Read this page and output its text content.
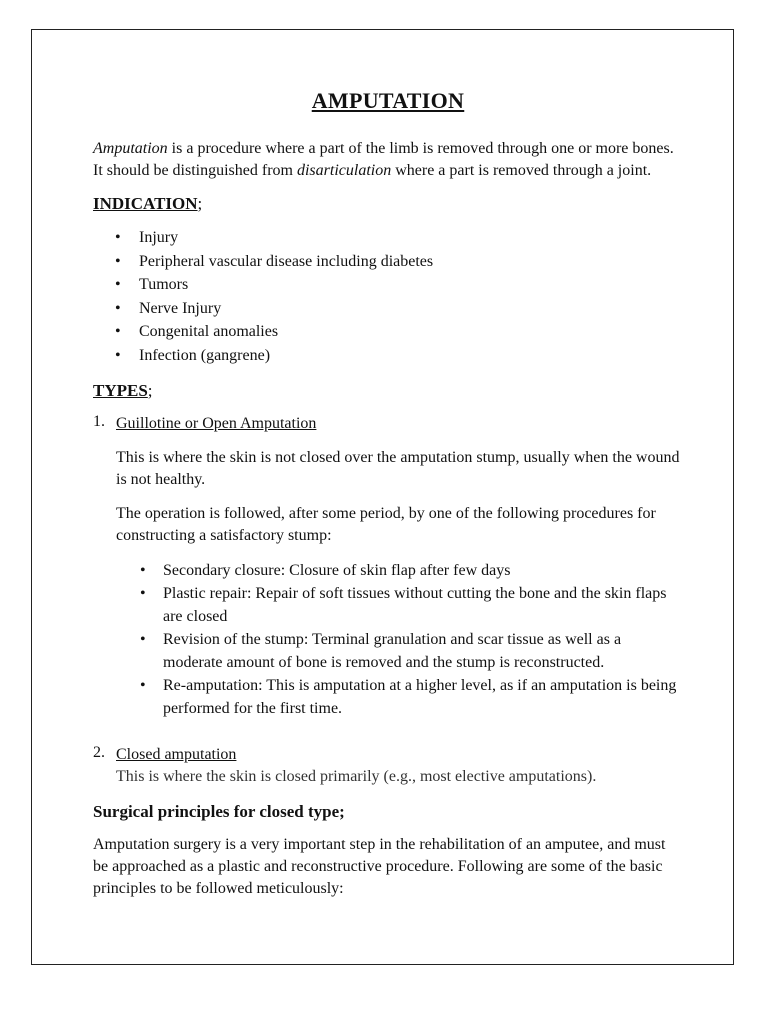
AMPUTATION

Amputation is a procedure where a part of the limb is removed through one or more bones. It should be distinguished from disarticulation where a part is removed through a joint.

INDICATION;
• Injury
• Peripheral vascular disease including diabetes
• Tumors
• Nerve Injury
• Congenital anomalies
• Infection (gangrene)
TYPES;
1. Guillotine or Open Amputation

This is where the skin is not closed over the amputation stump, usually when the wound is not healthy.

The operation is followed, after some period, by one of the following procedures for constructing a satisfactory stump:

• Secondary closure: Closure of skin flap after few days
• Plastic repair: Repair of soft tissues without cutting the bone and the skin flaps are closed
• Revision of the stump: Terminal granulation and scar tissue as well as a moderate amount of bone is removed and the stump is reconstructed.
• Re-amputation: This is amputation at a higher level, as if an amputation is being performed for the first time.
2. Closed amputation
This is where the skin is closed primarily (e.g., most elective amputations).
Surgical principles for closed type;

Amputation surgery is a very important step in the rehabilitation of an amputee, and must be approached as a plastic and reconstructive procedure. Following are some of the basic principles to be followed meticulously:
